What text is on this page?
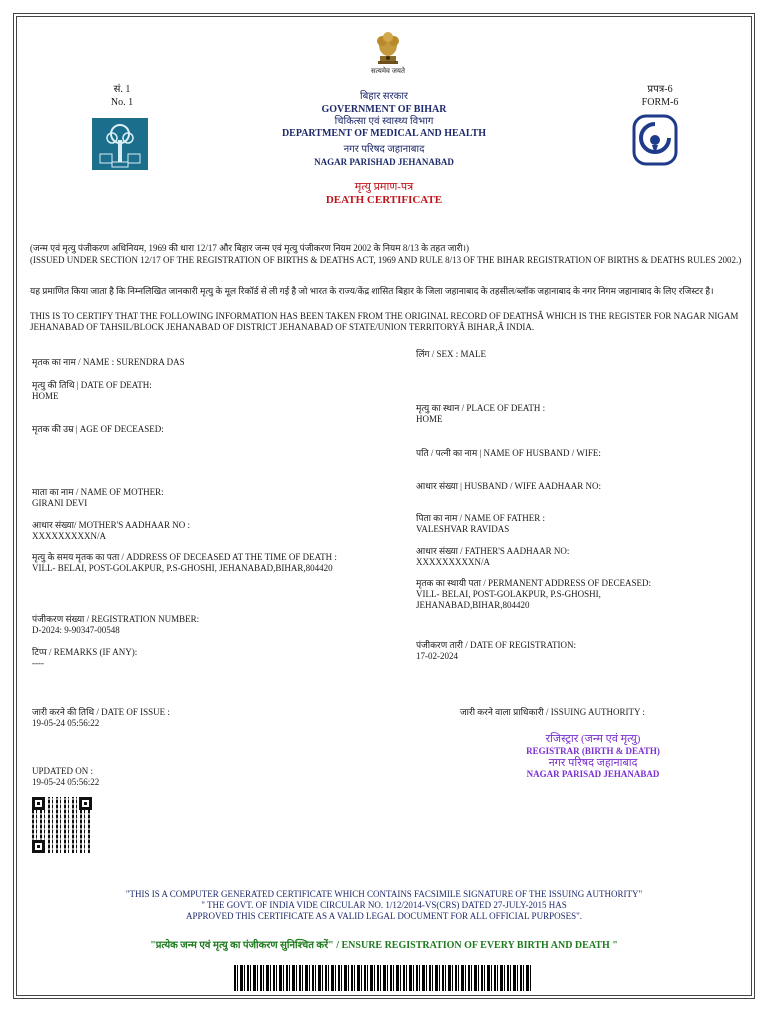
सत्यमेव जयते
सं. 1
No. 1
प्रपत्र-6
FORM-6
बिहार सरकार
GOVERNMENT OF BIHAR
चिकित्सा एवं स्वास्थ्य विभाग
DEPARTMENT OF MEDICAL AND HEALTH
नगर परिषद जहानाबाद
NAGAR PARISHAD JEHANABAD
मृत्यु प्रमाण-पत्र
DEATH CERTIFICATE
(जन्म एवं मृत्यु पंजीकरण अधिनियम, 1969 की धारा 12/17 और बिहार जन्म एवं मृत्यु पंजीकरण नियम 2002 के नियम 8/13 के तहत जारी।)
(ISSUED UNDER SECTION 12/17 OF THE REGISTRATION OF BIRTHS & DEATHS ACT, 1969 AND RULE 8/13 OF THE BIHAR REGISTRATION OF BIRTHS & DEATHS RULES 2002.)
यह प्रमाणित किया जाता है कि निम्नलिखित जानकारी मृत्यु के मूल रिकॉर्ड से ली गई है जो भारत के राज्य/केंद्र शासित बिहार के जिला जहानाबाद के तहसील/ब्लॉक जहानाबाद के नगर निगम जहानाबाद के लिए रजिस्टर है।
THIS IS TO CERTIFY THAT THE FOLLOWING INFORMATION HAS BEEN TAKEN FROM THE ORIGINAL RECORD OF DEATHSÂ WHICH IS THE REGISTER FOR NAGAR NIGAM JEHANABAD OF TAHSIL/BLOCK JEHANABAD OF DISTRICT JEHANABAD OF STATE/UNION TERRITORYÂ BIHAR,Â INDIA.
मृतक का नाम / NAME : SURENDRA DAS
मृत्यु की तिथि | DATE OF DEATH:
HOME
मृतक की उम्र | AGE OF DECEASED:
माता का नाम / NAME OF MOTHER:
GIRANI DEVI
आधार संख्या/ MOTHER'S AADHAAR NO :
XXXXXXXXXN/A
मृत्यु के समय मृतक का पता / ADDRESS OF DECEASED AT THE TIME OF DEATH :
VILL- BELAI, POST-GOLAKPUR, P.S-GHOSHI, JEHANABAD,BIHAR,804420
पंजीकरण संख्या / REGISTRATION NUMBER:
D-2024: 9-90347-00548
टिप्प / REMARKS (IF ANY):
----
जारी करने की तिथि / DATE OF ISSUE :
19-05-24 05:56:22
UPDATED ON :
19-05-24 05:56:22
लिंग / SEX : MALE
मृत्यु का स्थान / PLACE OF DEATH :
HOME
पति / पत्नी का नाम | NAME OF HUSBAND / WIFE:
आधार संख्या | HUSBAND / WIFE AADHAAR NO:
पिता का नाम / NAME OF FATHER :
VALESHVAR RAVIDAS
आधार संख्या / FATHER'S AADHAAR NO:
XXXXXXXXXN/A
मृतक का स्थायी पता / PERMANENT ADDRESS OF DECEASED:
VILL- BELAI, POST-GOLAKPUR, P.S-GHOSHI,
JEHANABAD,BIHAR,804420
पंजीकरण तारी / DATE OF REGISTRATION:
17-02-2024
जारी करने वाला प्राधिकारी / ISSUING AUTHORITY :
रजिस्ट्रार (जन्म एवं मृत्यु)
REGISTRAR (BIRTH & DEATH)
नगर परिषद जहानाबाद
NAGAR PARISAD JEHANABAD
"THIS IS A COMPUTER GENERATED CERTIFICATE WHICH CONTAINS FACSIMILE SIGNATURE OF THE ISSUING AUTHORITY"
" THE GOVT. OF INDIA VIDE CIRCULAR NO. 1/12/2014-VS(CRS) DATED 27-JULY-2015 HAS
APPROVED THIS CERTIFICATE AS A VALID LEGAL DOCUMENT FOR ALL OFFICIAL PURPOSES".
"प्रत्येक जन्म एवं मृत्यु का पंजीकरण सुनिश्चित करें" / ENSURE REGISTRATION OF EVERY BIRTH AND DEATH "
